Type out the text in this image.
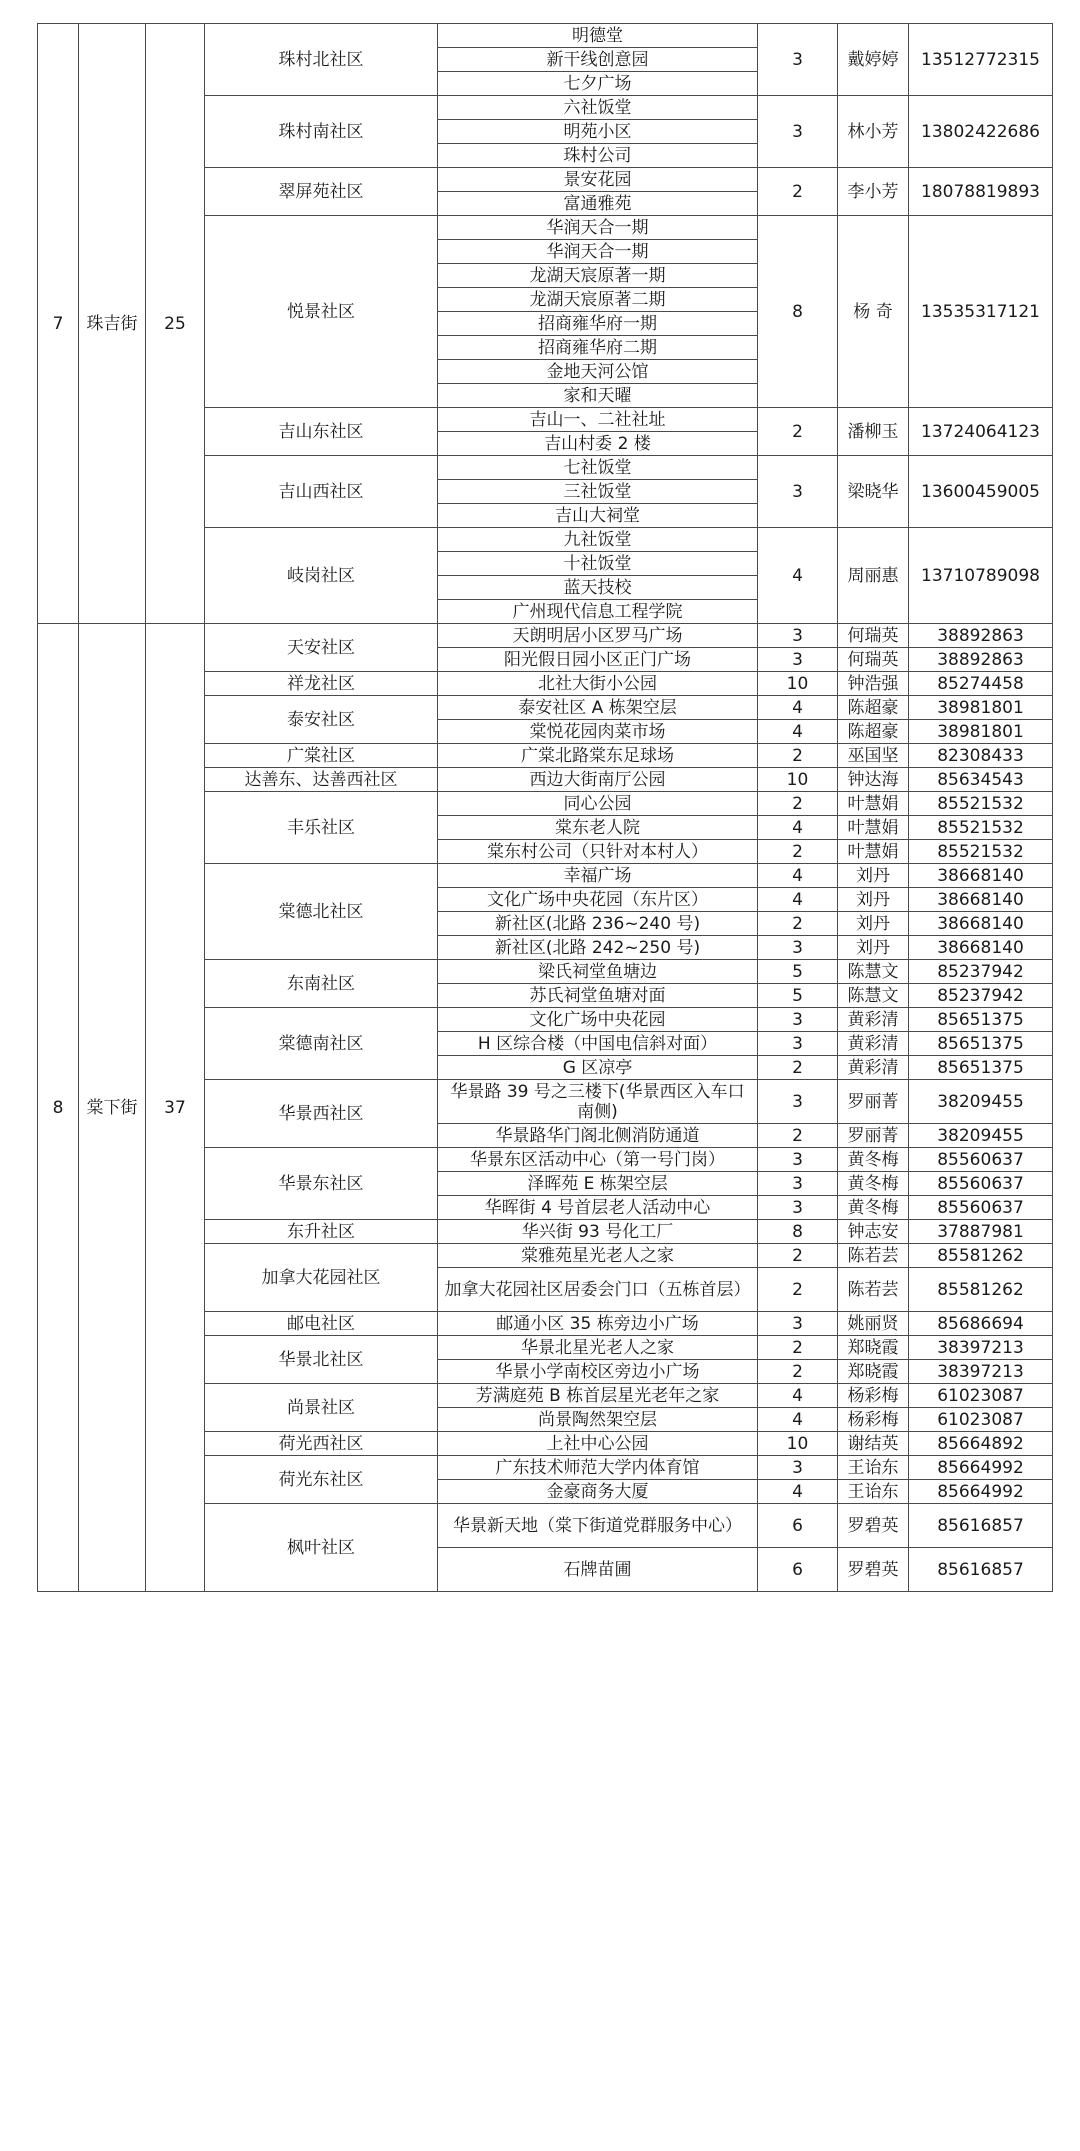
7	珠吉街	25	珠村北社区	明德堂	3	戴婷婷	13512772315
				新干线创意园			
				七夕广场			
			珠村南社区	六社饭堂	3	林小芳	13802422686
				明苑小区			
				珠村公司			
			翠屏苑社区	景安花园	2	李小芳	18078819893
				富通雅苑			
			悦景社区	华润天合一期	8	杨 奇	13535317121
				华润天合一期			
				龙湖天宸原著一期			
				龙湖天宸原著二期			
				招商雍华府一期			
				招商雍华府二期			
				金地天河公馆			
				家和天曜			
			吉山东社区	吉山一、二社社址	2	潘柳玉	13724064123
				吉山村委 2 楼			
			吉山西社区	七社饭堂	3	梁晓华	13600459005
				三社饭堂			
				吉山大祠堂			
			岐岗社区	九社饭堂	4	周丽惠	13710789098
				十社饭堂			
				蓝天技校			
				广州现代信息工程学院			
8	棠下街	37	天安社区	天朗明居小区罗马广场	3	何瑞英	38892863
				阳光假日园小区正门广场	3	何瑞英	38892863
			祥龙社区	北社大街小公园	10	钟浩强	85274458
			泰安社区	泰安社区 A 栋架空层	4	陈超豪	38981801
				棠悦花园肉菜市场	4	陈超豪	38981801
			广棠社区	广棠北路棠东足球场	2	巫国坚	82308433
			达善东、达善西社区	西边大街南厅公园	10	钟达海	85634543
			丰乐社区	同心公园	2	叶慧娟	85521532
				棠东老人院	4	叶慧娟	85521532
				棠东村公司（只针对本村人）	2	叶慧娟	85521532
			棠德北社区	幸福广场	4	刘丹	38668140
				文化广场中央花园（东片区）	4	刘丹	38668140
				新社区(北路 236~240 号)	2	刘丹	38668140
				新社区(北路 242~250 号)	3	刘丹	38668140
			东南社区	梁氏祠堂鱼塘边	5	陈慧文	85237942
				苏氏祠堂鱼塘对面	5	陈慧文	85237942
			棠德南社区	文化广场中央花园	3	黄彩清	85651375
				H 区综合楼（中国电信斜对面）	3	黄彩清	85651375
				G 区凉亭	2	黄彩清	85651375
			华景西社区	华景路 39 号之三楼下(华景西区入车口南侧)	3	罗丽菁	38209455
				华景路华门阁北侧消防通道	2	罗丽菁	38209455
			华景东社区	华景东区活动中心（第一号门岗）	3	黄冬梅	85560637
				泽晖苑 E 栋架空层	3	黄冬梅	85560637
				华晖街 4 号首层老人活动中心	3	黄冬梅	85560637
			东升社区	华兴街 93 号化工厂	8	钟志安	37887981
			加拿大花园社区	棠雅苑星光老人之家	2	陈若芸	85581262
				加拿大花园社区居委会门口（五栋首层）	2	陈若芸	85581262
			邮电社区	邮通小区 35 栋旁边小广场	3	姚丽贤	85686694
			华景北社区	华景北星光老人之家	2	郑晓霞	38397213
				华景小学南校区旁边小广场	2	郑晓霞	38397213
			尚景社区	芳满庭苑 B 栋首层星光老年之家	4	杨彩梅	61023087
				尚景陶然架空层	4	杨彩梅	61023087
			荷光西社区	上社中心公园	10	谢结英	85664892
			荷光东社区	广东技术师范大学内体育馆	3	王诒东	85664992
				金豪商务大厦	4	王诒东	85664992
			枫叶社区	华景新天地（棠下街道党群服务中心）	6	罗碧英	85616857
				石牌苗圃	6	罗碧英	85616857
